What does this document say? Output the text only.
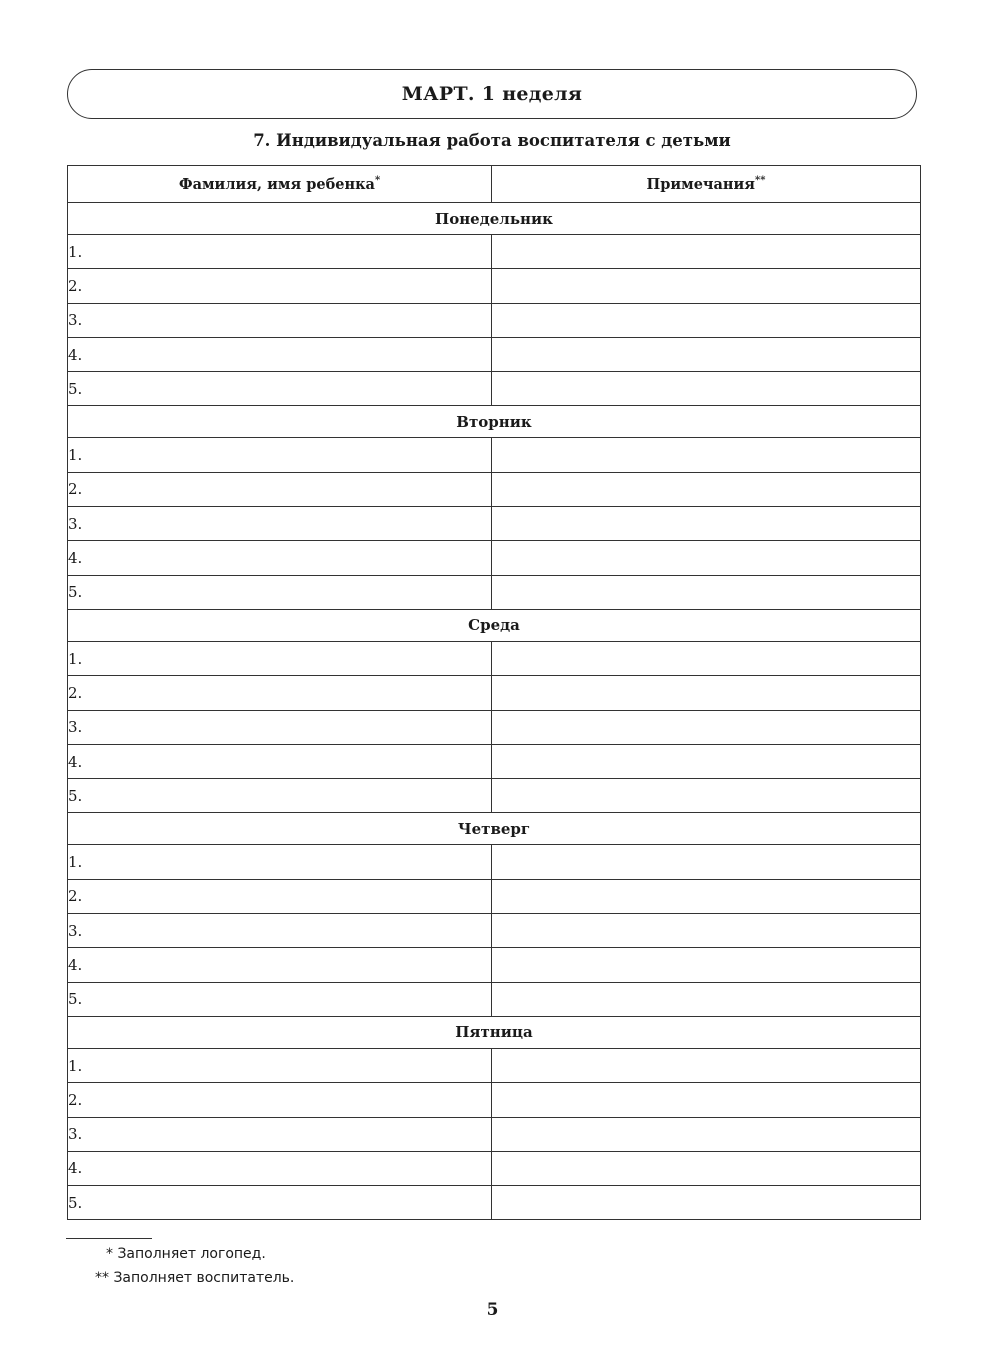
МАРТ. 1 неделя
7. Индивидуальная работа воспитателя с детьми
Фамилия, имя ребенка*	Примечания**
Понедельник	
1.	
2.	
3.	
4.	
5.	
Вторник	
1.	
2.	
3.	
4.	
5.	
Среда	
1.	
2.	
3.	
4.	
5.	
Четверг	
1.	
2.	
3.	
4.	
5.	
Пятница	
1.	
2.	
3.	
4.	
5.	
* Заполняет логопед.
** Заполняет воспитатель.
5
